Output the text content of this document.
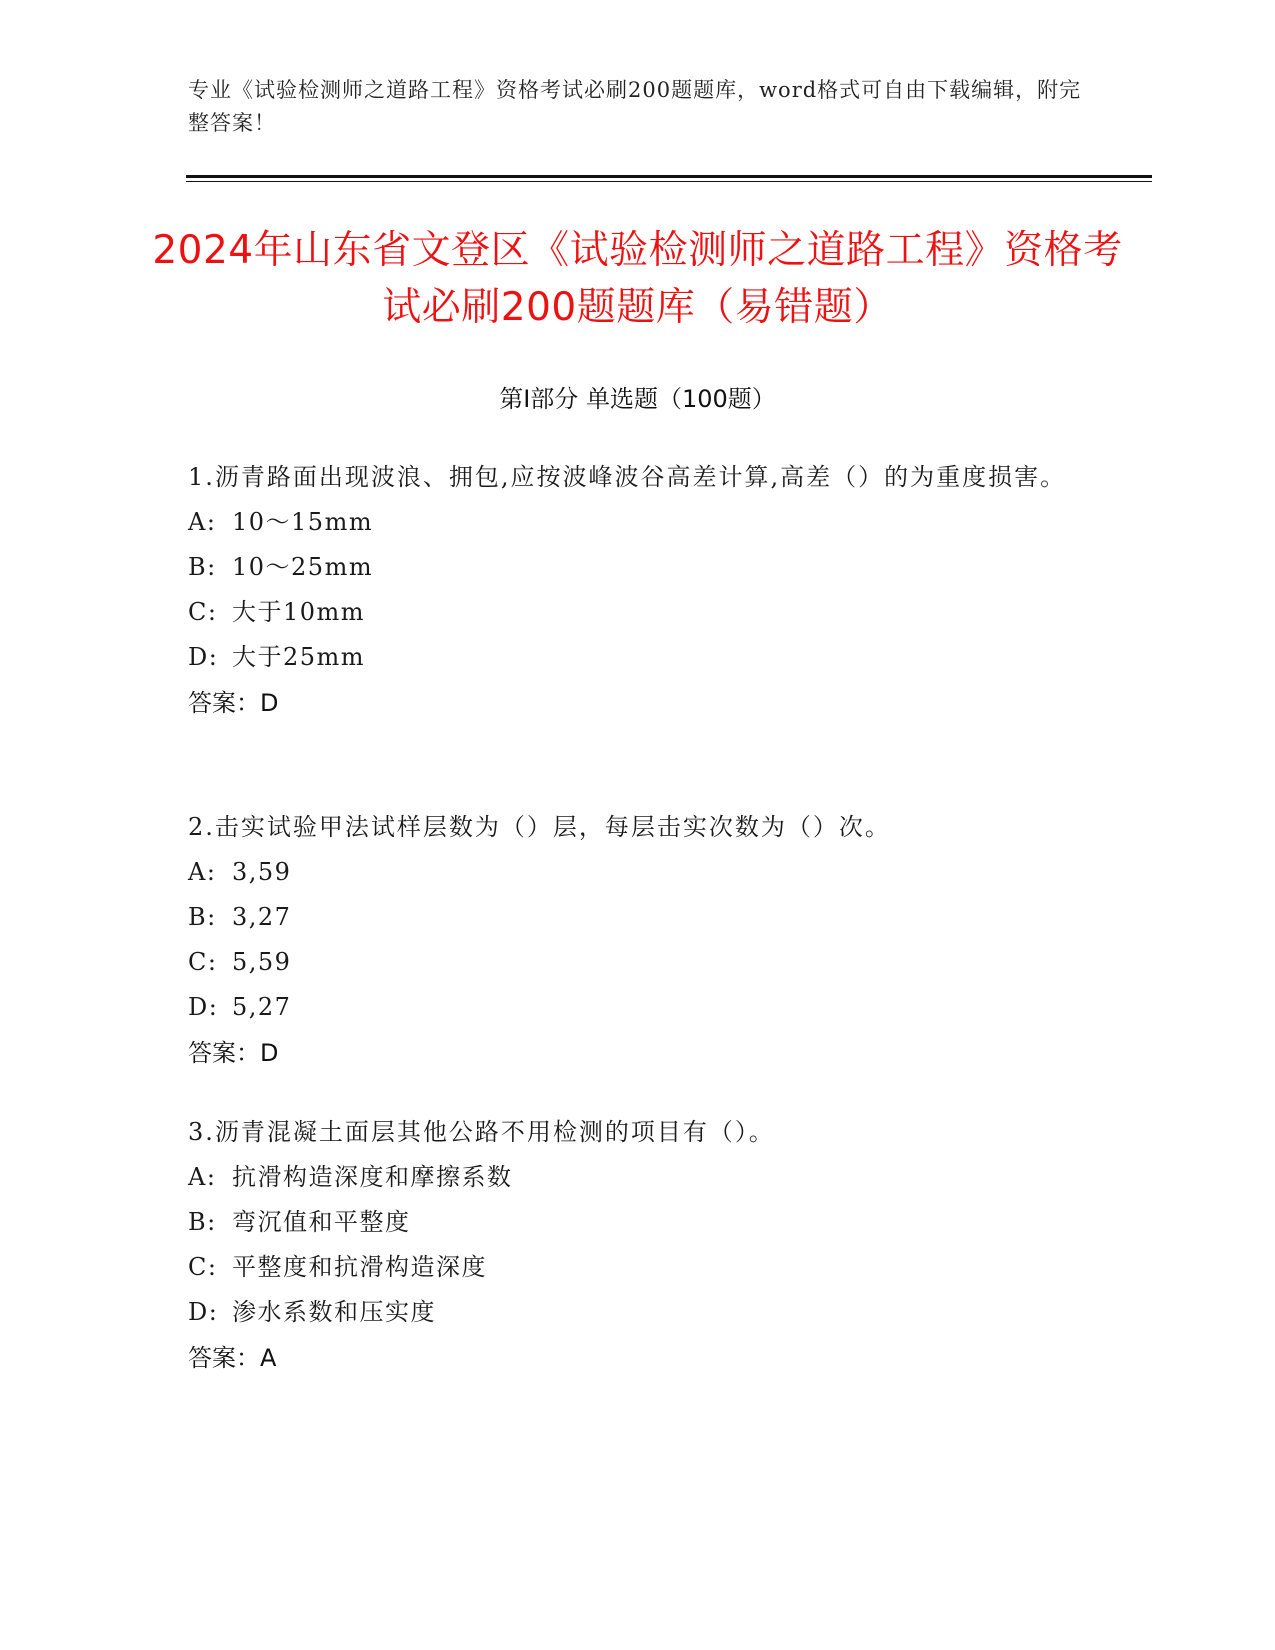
专业《试验检测师之道路工程》资格考试必刷200题题库，word格式可自由下载编辑，附完整答案！
2024年山东省文登区《试验检测师之道路工程》资格考试必刷200题题库（易错题）
第Ⅰ部分 单选题（100题）

1.沥青路面出现波浪、拥包,应按波峰波谷高差计算,高差（）的为重度损害。

A: 10～15mm

B: 10～25mm

C: 大于10mm

D: 大于25mm

答案：D

2.击实试验甲法试样层数为（）层，每层击实次数为（）次。

A: 3,59

B: 3,27

C: 5,59

D: 5,27

答案：D

3.沥青混凝土面层其他公路不用检测的项目有（）。

A: 抗滑构造深度和摩擦系数

B: 弯沉值和平整度

C: 平整度和抗滑构造深度

D: 渗水系数和压实度

答案：A
